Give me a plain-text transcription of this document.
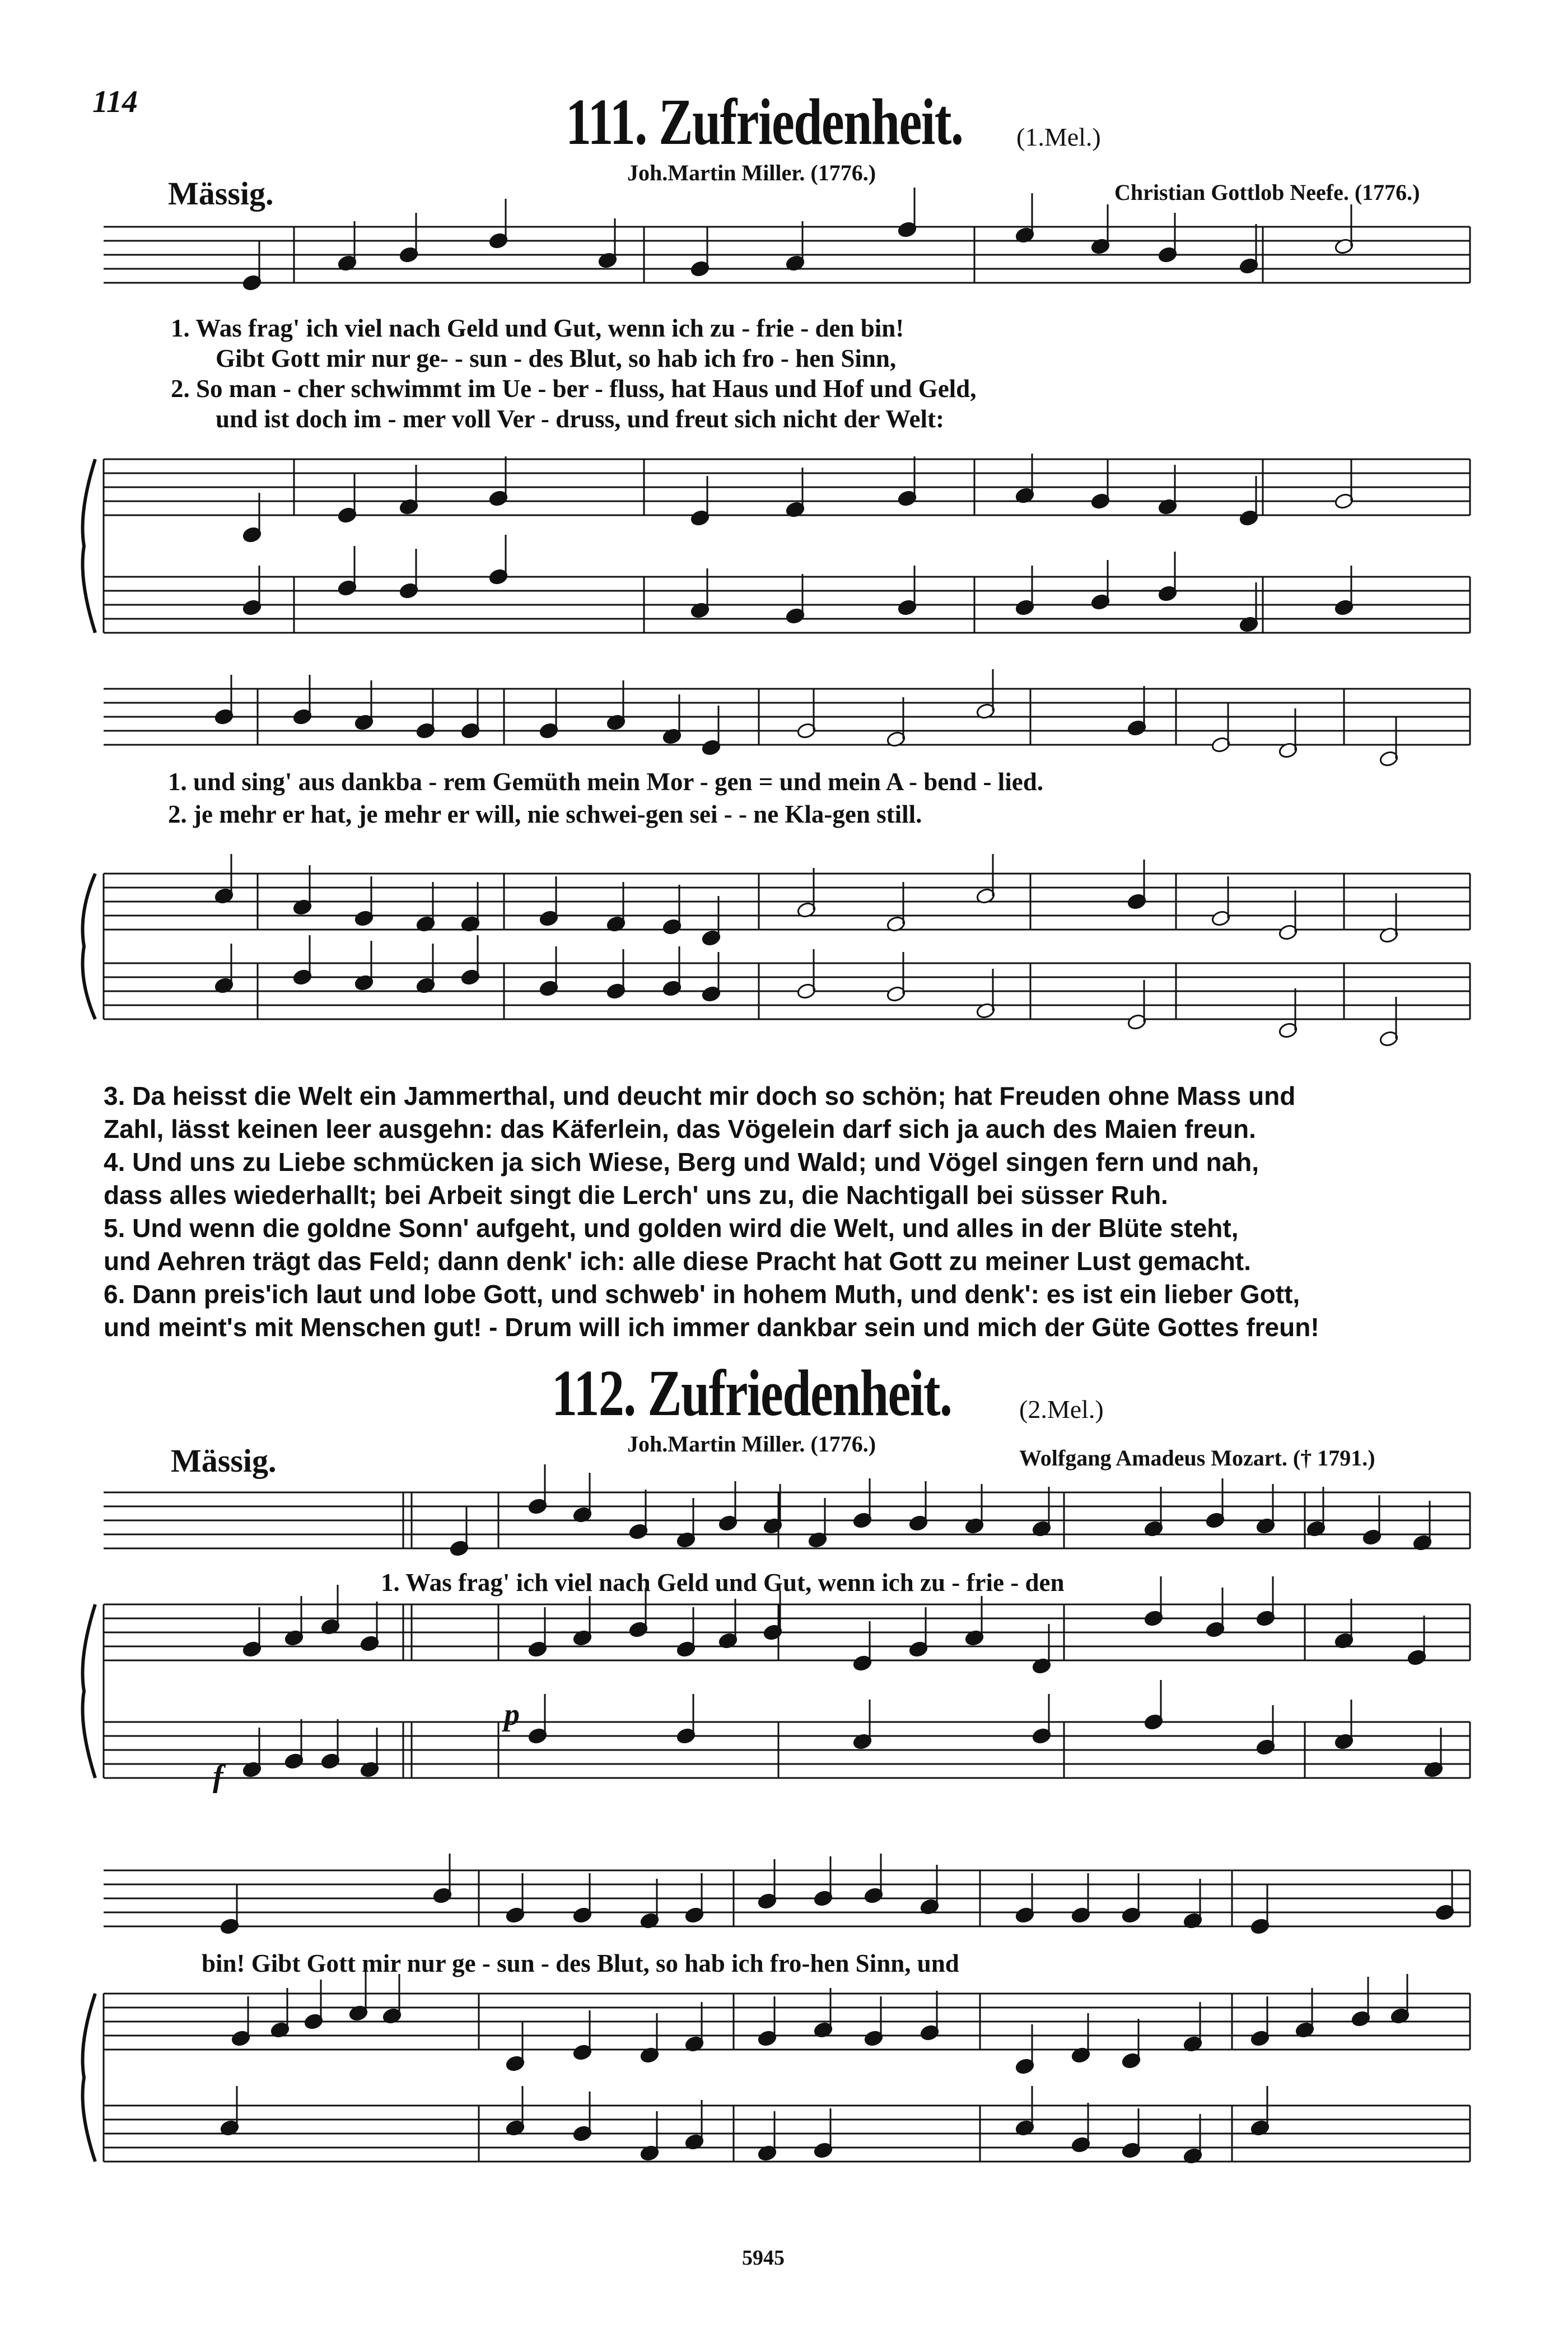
114	111. Zufriedenheit. (1.Mel.)
Joh.Martin Miller. (1776.)
Christian Gottlob Neefe. (1776.)
Mässig.
1. Was frag' ich viel nach Geld und Gut, wenn ich zu - frie - den bin!
Gibt Gott mir nur ge- - sun - des Blut, so hab ich fro - hen Sinn,
2. So man - cher schwimmt im Ue - ber - fluss, hat Haus und Hof und Geld,
und ist doch im - mer voll Ver - druss, und freut sich nicht der Welt:
1. und sing' aus dankba - rem Gemüth mein Mor - gen = und mein A - bend - lied.
2. je mehr er hat, je mehr er will, nie schwei-gen sei - - ne Kla-gen still.
3. Da heisst die Welt ein Jammerthal, und deucht mir doch so schön; hat Freuden ohne Mass und
Zahl, lässt keinen leer ausgehn: das Käferlein, das Vögelein darf sich ja auch des Maien freun.
4. Und uns zu Liebe schmücken ja sich Wiese, Berg und Wald; und Vögel singen fern und nah,
dass alles wiederhallt; bei Arbeit singt die Lerch' uns zu, die Nachtigall bei süsser Ruh.
5. Und wenn die goldne Sonn' aufgeht, und golden wird die Welt, und alles in der Blüte steht,
und Aehren trägt das Feld; dann denk' ich: alle diese Pracht hat Gott zu meiner Lust gemacht.
6. Dann preis'ich laut und lobe Gott, und schweb' in hohem Muth, und denk': es ist ein lieber Gott,
und meint's mit Menschen gut! - Drum will ich immer dankbar sein und mich der Güte Gottes freun!
112. Zufriedenheit.	(2.Mel.)
Joh.Martin Miller. (1776.)
Wolfgang Amadeus Mozart. († 1791.)
Mässig.
1. Was frag' ich viel nach Geld und Gut, wenn ich zu - frie - den
bin! Gibt Gott mir nur ge - sun - des Blut, so hab ich fro-hen Sinn, und
f
p
5945
